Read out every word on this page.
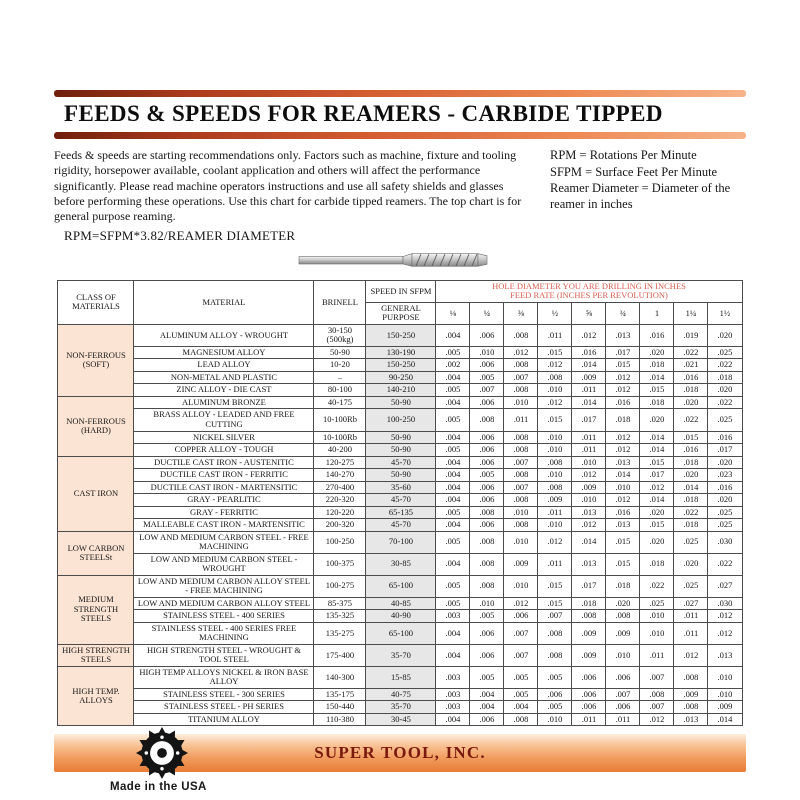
FEEDS & SPEEDS FOR REAMERS - CARBIDE TIPPED
Feeds & speeds are starting recommendations only. Factors such as machine, fixture and tooling rigidity, horsepower available, coolant application and others will affect the performance significantly. Please read machine operators instructions and use all safety shields and glasses before performing these operations. Use this chart for carbide tipped reamers. The top chart is for general purpose reaming.
RPM = Rotations Per Minute
SFPM = Surface Feet Per Minute
Reamer Diameter = Diameter of the reamer in inches
RPM=SFPM*3.82/REAMER DIAMETER
CLASS OF MATERIALS	MATERIAL	BRINELL	SPEED IN SFPM	HOLE DIAMETER YOU ARE DRILLING IN INCHES
FEED RATE (INCHES PER REVOLUTION)								

			GENERAL PURPOSE	⅛	¼	⅜	½	⅝	¾	1	1¼	1½
NON-FERROUS (SOFT)	ALUMINUM ALLOY - WROUGHT	30-150 (500kg)	150-250	.004	.006	.008	.011	.012	.013	.016	.019	.020
	MAGNESIUM ALLOY	50-90	130-190	.005	.010	.012	.015	.016	.017	.020	.022	.025
	LEAD ALLOY	10-20	150-250	.002	.006	.008	.012	.014	.015	.018	.021	.022
	NON-METAL AND PLASTIC	–	90-250	.004	.005	.007	.008	.009	.012	.014	.016	.018
	ZINC ALLOY - DIE CAST	80-100	140-210	.005	.007	.008	.010	.011	.012	.015	.018	.020
NON-FERROUS (HARD)	ALUMINUM BRONZE	40-175	50-90	.004	.006	.010	.012	.014	.016	.018	.020	.022
	BRASS ALLOY - LEADED AND FREE CUTTING	10-100Rb	100-250	.005	.008	.011	.015	.017	.018	.020	.022	.025
	NICKEL SILVER	10-100Rb	50-90	.004	.006	.008	.010	.011	.012	.014	.015	.016
	COPPER ALLOY - TOUGH	40-200	50-90	.005	.006	.008	.010	.011	.012	.014	.016	.017
CAST IRON	DUCTILE CAST IRON - AUSTENITIC	120-275	45-70	.004	.006	.007	.008	.010	.013	.015	.018	.020
	DUCTILE CAST IRON - FERRITIC	140-270	50-90	.004	.005	.008	.010	.012	.014	.017	.020	.023
	DUCTILE CAST IRON - MARTENSITIC	270-400	35-60	.004	.006	.007	.008	.009	.010	.012	.014	.016
	GRAY - PEARLITIC	220-320	45-70	.004	.006	.008	.009	.010	.012	.014	.018	.020
	GRAY - FERRITIC	120-220	65-135	.005	.008	.010	.011	.013	.016	.020	.022	.025
	MALLEABLE CAST IRON - MARTENSITIC	200-320	45-70	.004	.006	.008	.010	.012	.013	.015	.018	.025
LOW CARBON STEELSt	LOW AND MEDIUM CARBON STEEL - FREE MACHINING	100-250	70-100	.005	.008	.010	.012	.014	.015	.020	.025	.030
	LOW AND MEDIUM CARBON STEEL - WROUGHT	100-375	30-85	.004	.008	.009	.011	.013	.015	.018	.020	.022
MEDIUM STRENGTH STEELS	LOW AND MEDIUM CARBON ALLOY STEEL - FREE MACHINING	100-275	65-100	.005	.008	.010	.015	.017	.018	.022	.025	.027
	LOW AND MEDIUM CARBON ALLOY STEEL	85-375	40-85	.005	.010	.012	.015	.018	.020	.025	.027	.030
	STAINLESS STEEL - 400 SERIES	135-325	40-90	.003	.005	.006	.007	.008	.008	.010	.011	.012
	STAINLESS STEEL - 400 SERIES FREE MACHINING	135-275	65-100	.004	.006	.007	.008	.009	.009	.010	.011	.012
HIGH STRENGTH STEELS	HIGH STRENGTH STEEL - WROUGHT & TOOL STEEL	175-400	35-70	.004	.006	.007	.008	.009	.010	.011	.012	.013
HIGH TEMP. ALLOYS	HIGH TEMP ALLOYS NICKEL & IRON BASE ALLOY	140-300	15-85	.003	.005	.005	.005	.006	.006	.007	.008	.010
	STAINLESS STEEL - 300 SERIES	135-175	40-75	.003	.004	.005	.006	.006	.007	.008	.009	.010
	STAINLESS STEEL - PH SERIES	150-440	35-70	.003	.004	.004	.005	.006	.006	.007	.008	.009
	TITANIUM ALLOY	110-380	30-45	.004	.006	.008	.010	.011	.011	.012	.013	.014
SUPER TOOL, INC.
Made in the USA
